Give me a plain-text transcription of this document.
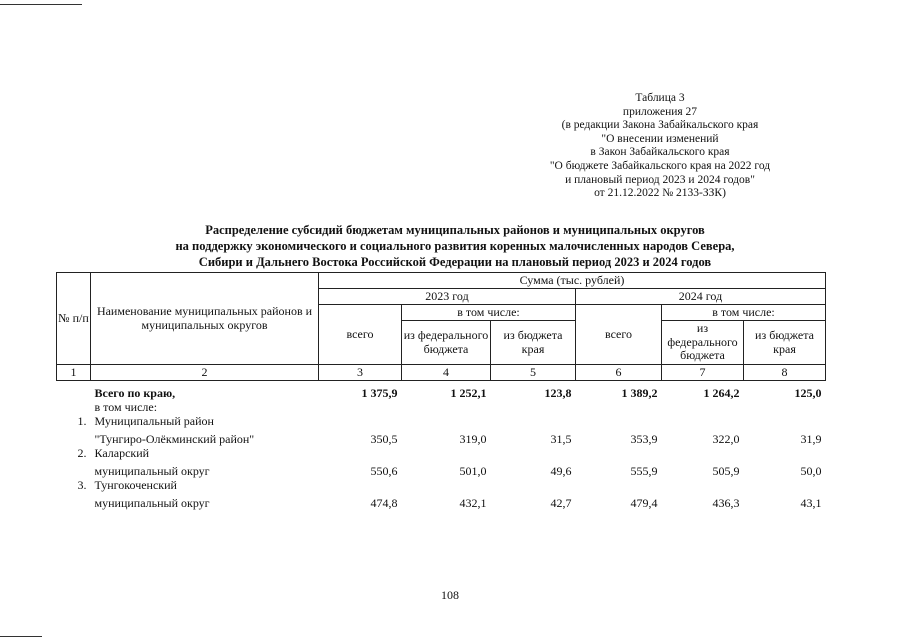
Таблица 3
приложения 27
(в редакции Закона Забайкальского края
"О внесении изменений
в Закон Забайкальского края
"О бюджете Забайкальского края на 2022 год
и плановый период 2023 и 2024 годов"
от 21.12.2022 № 2133-ЗЗК)
Распределение субсидий бюджетам муниципальных районов и муниципальных округов
на поддержку экономического и социального развития коренных малочисленных народов Севера,
Сибири и Дальнего Востока Российской Федерации на плановый период 2023 и 2024 годов
№ п/п	Наименование муниципальных районов и муниципальных округов	Сумма (тыс. рублей)					
		2023 год			2024 год		
		всего	в том числе:		всего	в том числе:	
			из федерального бюджета	из бюджета края		из федерального бюджета	из бюджета края
1	2	3	4	5	6	7	8
	Всего по краю,	1 375,9	1 252,1	123,8	1 389,2	1 264,2	125,0
	в том числе:						
1.	Муниципальный район						
	"Тунгиро-Олёкминский район"	350,5	319,0	31,5	353,9	322,0	31,9
2.	Каларский						
	муниципальный округ	550,6	501,0	49,6	555,9	505,9	50,0
3.	Тунгокоченский						
	муниципальный округ	474,8	432,1	42,7	479,4	436,3	43,1
108
